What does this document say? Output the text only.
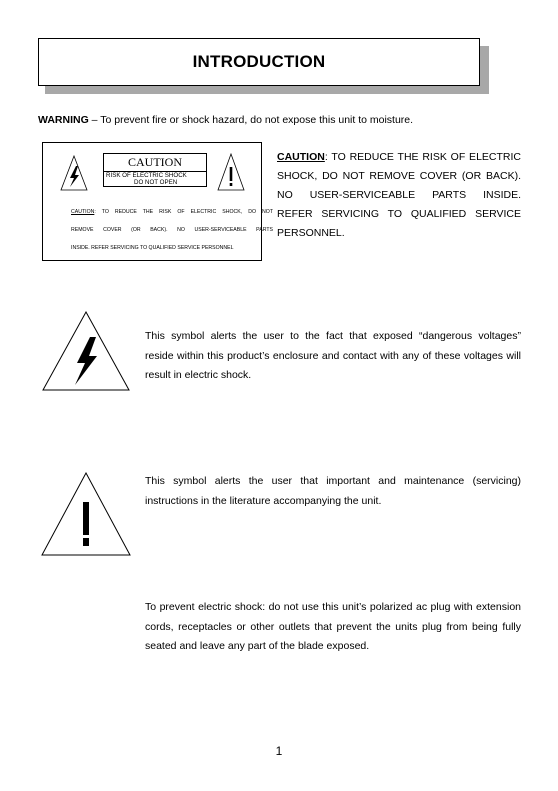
INTRODUCTION
WARNING – To prevent fire or shock hazard, do not expose this unit to moisture.
CAUTION
RISK OF ELECTRIC SHOCK
DO NOT OPEN
CAUTION: TO REDUCE THE RISK OF ELECTRIC SHOCK, DO NOT
REMOVE COVER (OR BACK). NO USER-SERVICEABLE PARTS
INSIDE. REFER SERVICING TO QUALIFIED SERVICE PERSONNEL
CAUTION: TO REDUCE THE RISK OF ELECTRIC
SHOCK, DO NOT REMOVE COVER (OR BACK).
NO USER-SERVICEABLE PARTS INSIDE.
REFER SERVICING TO QUALIFIED SERVICE
PERSONNEL.
This symbol alerts the user to the fact that exposed “dangerous voltages”
reside within this product’s enclosure and contact with any of these voltages will
result in electric shock.
This symbol alerts the user that important and maintenance (servicing)
instructions in the literature accompanying the unit.
To prevent electric shock: do not use this unit’s polarized ac plug with extension
cords, receptacles or other outlets that prevent the units plug from being fully
seated and leave any part of the blade exposed.
1
